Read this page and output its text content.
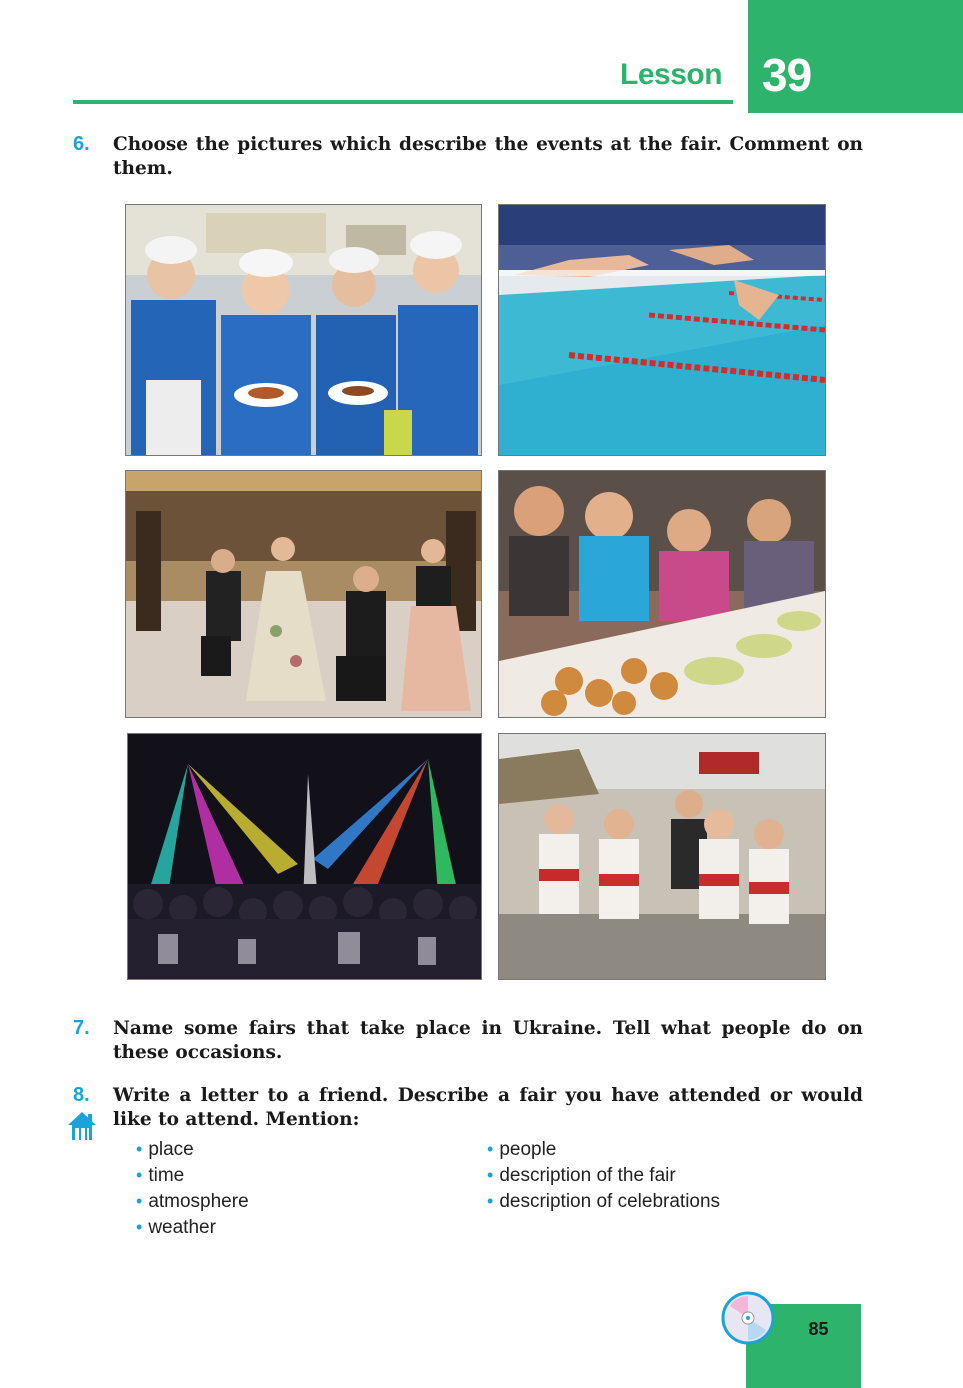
Lesson 39
6. Choose the pictures which describe the events at the fair. Comment on them.
7. Name some fairs that take place in Ukraine. Tell what people do on these occasions.
8. Write a letter to a friend. Describe a fair you have attended or would like to attend. Mention:
• place
• time
• atmosphere
• weather
• people
• description of the fair
• description of celebrations
85
